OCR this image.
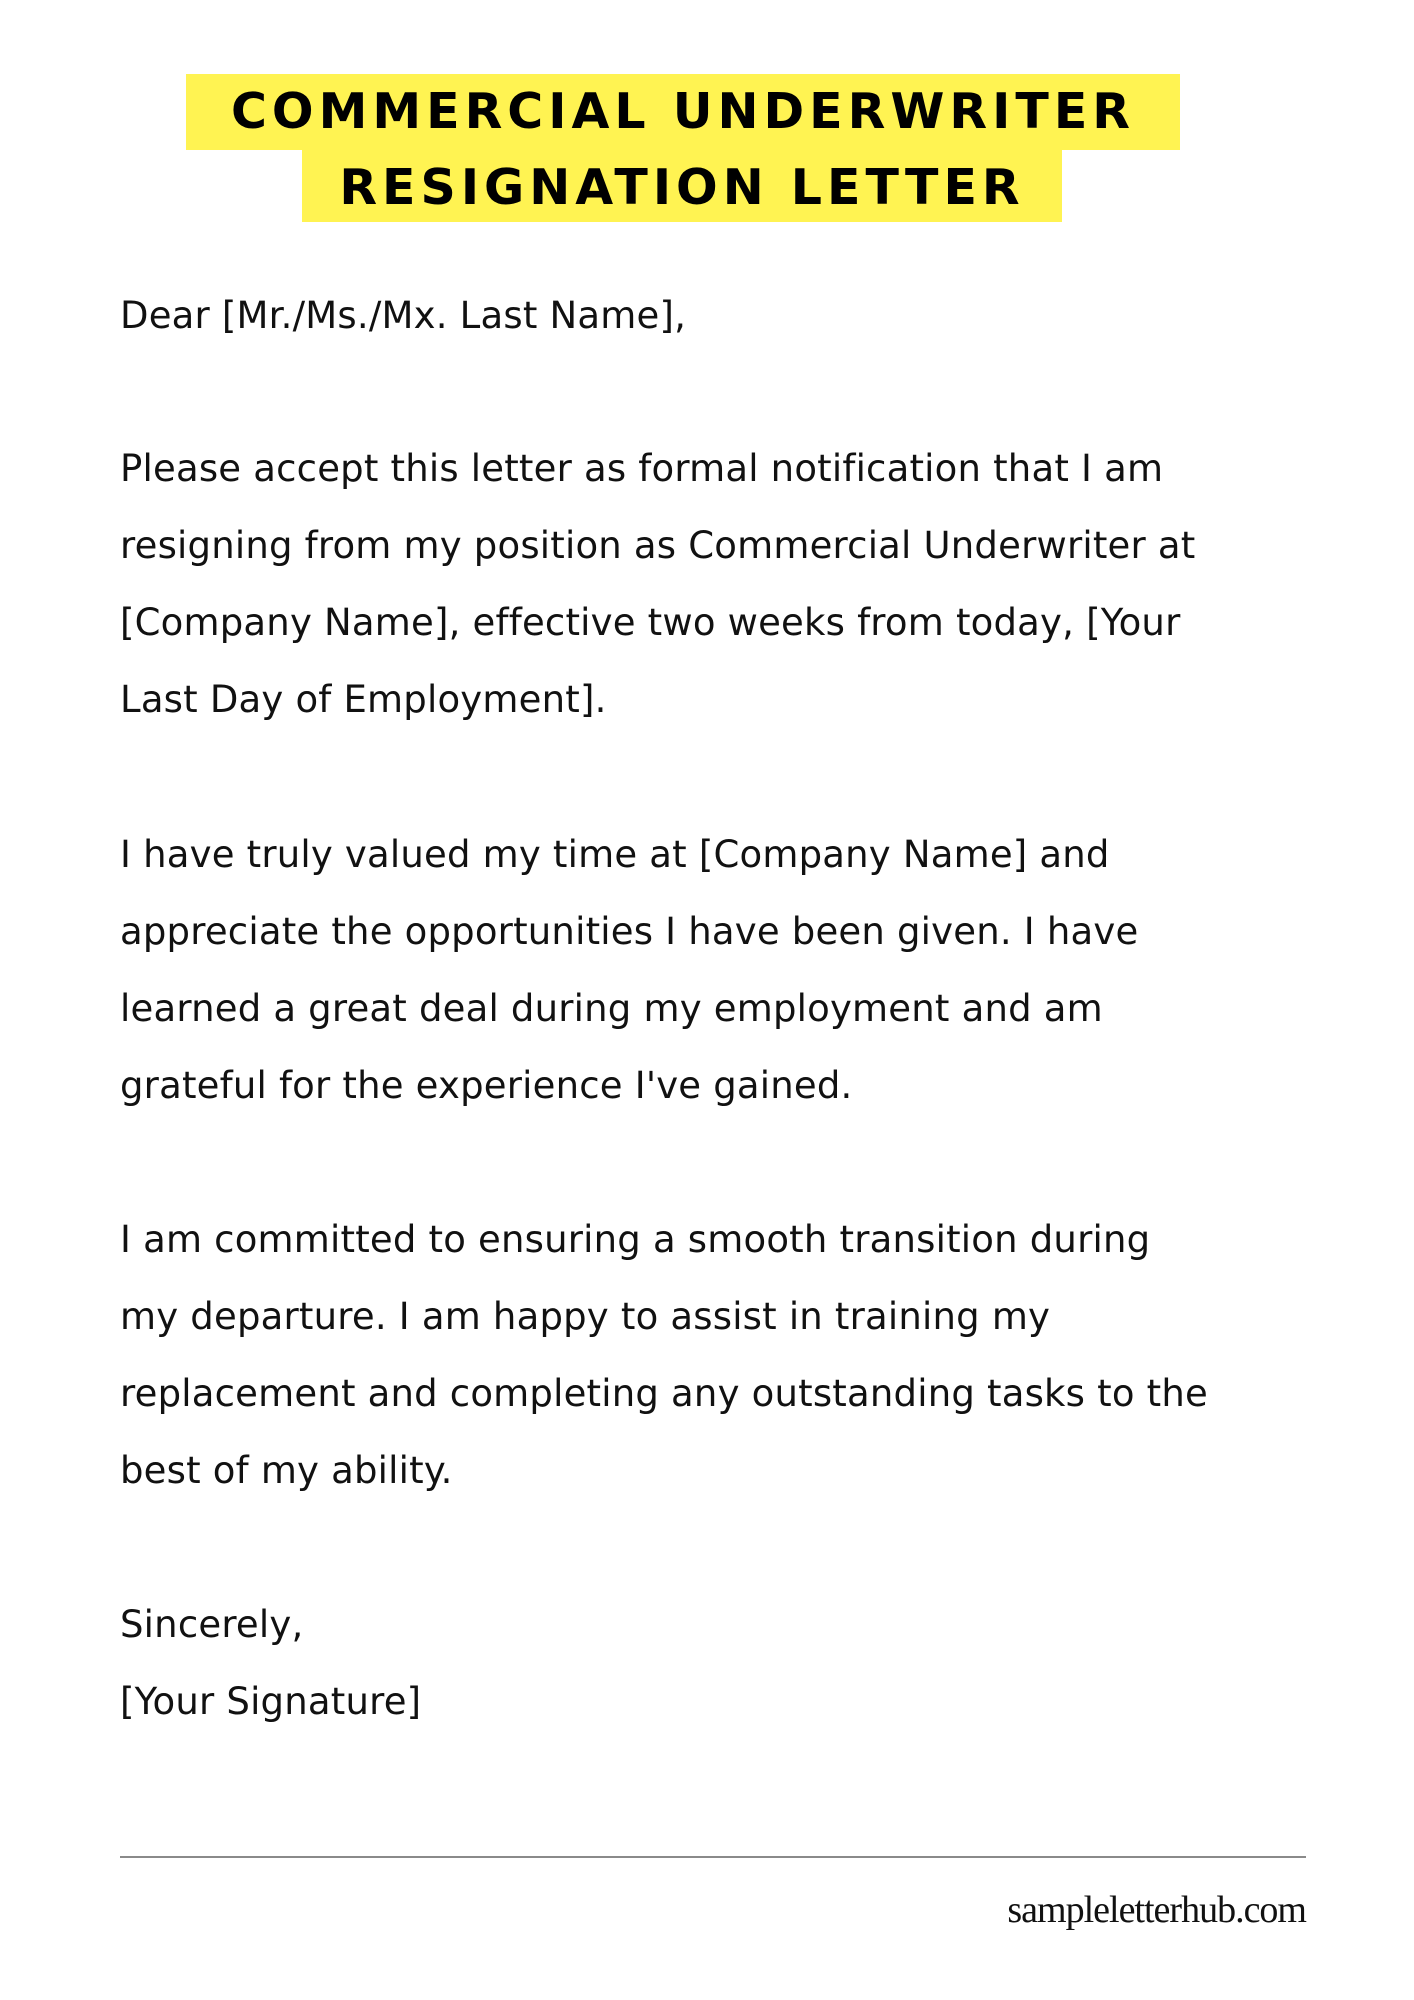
COMMERCIAL UNDERWRITER
RESIGNATION LETTER
Dear [Mr./Ms./Mx. Last Name],
Please accept this letter as formal notification that I am
resigning from my position as Commercial Underwriter at
[Company Name], effective two weeks from today, [Your
Last Day of Employment].
I have truly valued my time at [Company Name] and
appreciate the opportunities I have been given. I have
learned a great deal during my employment and am
grateful for the experience I've gained.
I am committed to ensuring a smooth transition during
my departure. I am happy to assist in training my
replacement and completing any outstanding tasks to the
best of my ability.
Sincerely,
[Your Signature]
sampleletterhub.com
